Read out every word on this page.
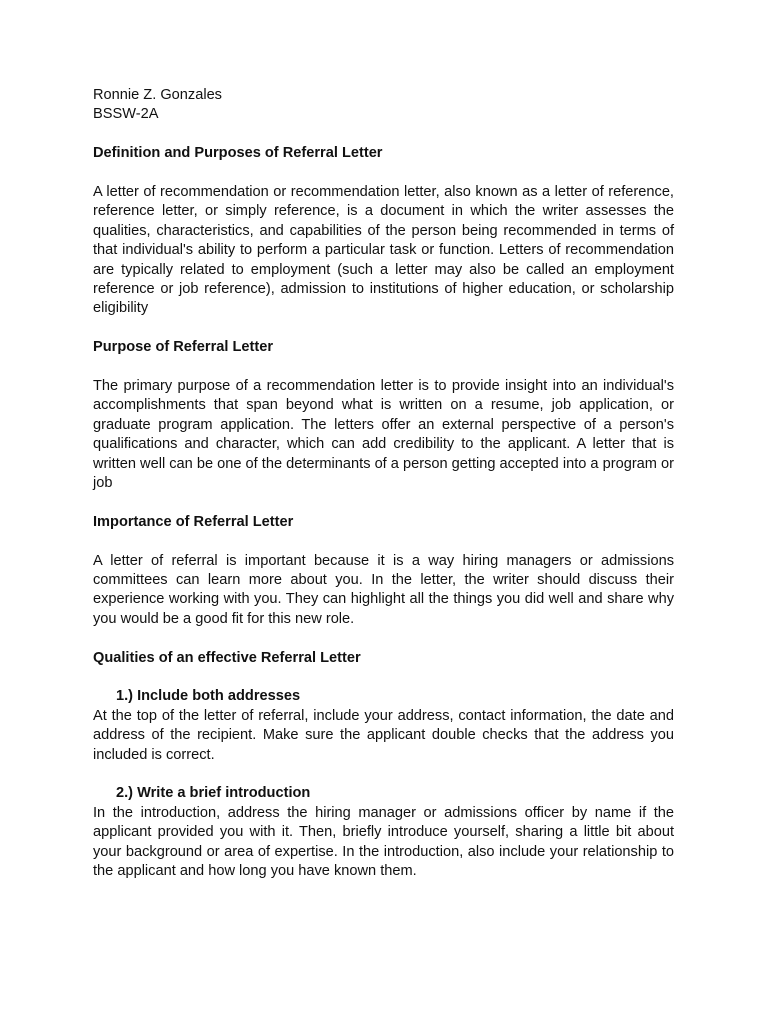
Ronnie Z. Gonzales

BSSW-2A

Definition and Purposes of Referral Letter

A letter of recommendation or recommendation letter, also known as a letter of reference, reference letter, or simply reference, is a document in which the writer assesses the qualities, characteristics, and capabilities of the person being recommended in terms of that individual's ability to perform a particular task or function. Letters of recommendation are typically related to employment (such a letter may also be called an employment reference or job reference), admission to institutions of higher education, or scholarship eligibility

Purpose of Referral Letter

The primary purpose of a recommendation letter is to provide insight into an individual's accomplishments that span beyond what is written on a resume, job application, or graduate program application. The letters offer an external perspective of a person's qualifications and character, which can add credibility to the applicant. A letter that is written well can be one of the determinants of a person getting accepted into a program or job

Importance of Referral Letter

A letter of referral is important because it is a way hiring managers or admissions committees can learn more about you. In the letter, the writer should discuss their experience working with you. They can highlight all the things you did well and share why you would be a good fit for this new role.

Qualities of an effective Referral Letter

1.) Include both addresses

At the top of the letter of referral, include your address, contact information, the date and address of the recipient. Make sure the applicant double checks that the address you included is correct.

2.) Write a brief introduction

In the introduction, address the hiring manager or admissions officer by name if the applicant provided you with it. Then, briefly introduce yourself, sharing a little bit about your background or area of expertise. In the introduction, also include your relationship to the applicant and how long you have known them.
